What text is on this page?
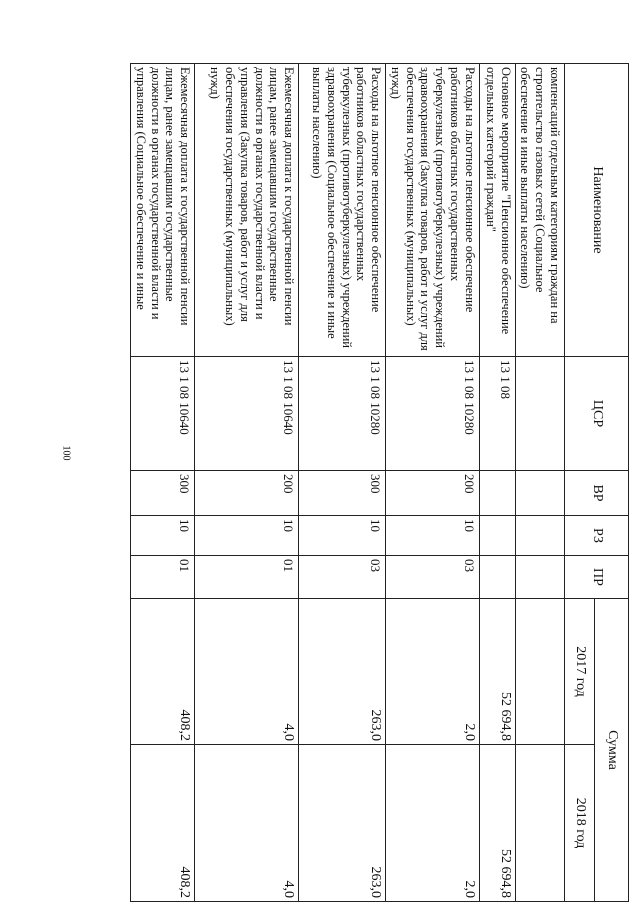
100
Наименование	ЦСР	ВР	РЗ	ПР	Сумма	
					2017 год	2018 год
компенсаций отдельным категориям граждан на строительство газовых сетей (Социальное обеспечение и иные выплаты населению)						
Основное мероприятие "Пенсионное обеспечение отдельных категорий граждан"	13 1 08				52 694,8	52 694,8
Расходы на льготное пенсионное обеспечение работников областных государственных туберкулезных (противотуберкулезных) учреждений здравоохранения (Закупка товаров, работ и услуг для обеспечения государственных (муниципальных) нужд)	13 1 08 10280	200	10	03	2,0	2,0
Расходы на льготное пенсионное обеспечение работников областных государственных туберкулезных (противотуберкулезных) учреждений здравоохранения (Социальное обеспечение и иные выплаты населению)	13 1 08 10280	300	10	03	263,0	263,0
Ежемесячная доплата к государственной пенсии лицам, ранее замещавшим государственные должности в органах государственной власти и управления (Закупка товаров, работ и услуг для обеспечения государственных (муниципальных) нужд)	13 1 08 10640	200	10	01	4,0	4,0
Ежемесячная доплата к государственной пенсии лицам, ранее замещавшим государственные должности в органах государственной власти и управления (Социальное обеспечение и иные	13 1 08 10640	300	10	01	408,2	408,2
